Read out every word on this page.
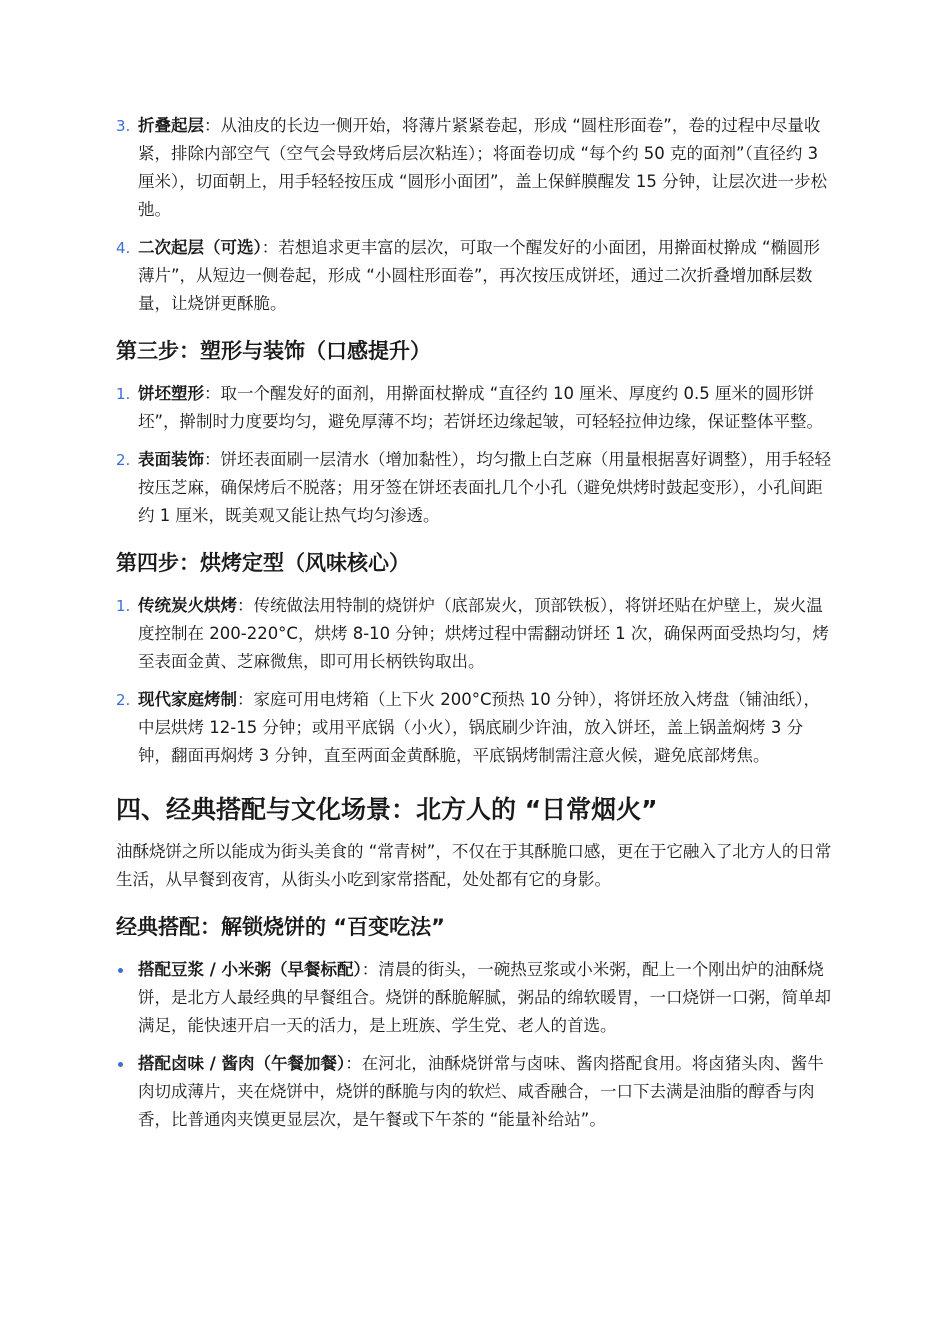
3. 折叠起层：从油皮的长边一侧开始，将薄片紧紧卷起，形成 “圆柱形面卷”，卷的过程中尽量收紧，排除内部空气（空气会导致烤后层次粘连）；将面卷切成 “每个约 50 克的面剂”（直径约 3 厘米），切面朝上，用手轻轻按压成 “圆形小面团”，盖上保鲜膜醒发 15 分钟，让层次进一步松弛。
4. 二次起层（可选）：若想追求更丰富的层次，可取一个醒发好的小面团，用擀面杖擀成 “椭圆形薄片”，从短边一侧卷起，形成 “小圆柱形面卷”，再次按压成饼坯，通过二次折叠增加酥层数量，让烧饼更酥脆。
第三步：塑形与装饰（口感提升）
1. 饼坯塑形：取一个醒发好的面剂，用擀面杖擀成 “直径约 10 厘米、厚度约 0.5 厘米的圆形饼坯”，擀制时力度要均匀，避免厚薄不均；若饼坯边缘起皱，可轻轻拉伸边缘，保证整体平整。
2. 表面装饰：饼坯表面刷一层清水（增加黏性），均匀撒上白芝麻（用量根据喜好调整），用手轻轻按压芝麻，确保烤后不脱落；用牙签在饼坯表面扎几个小孔（避免烘烤时鼓起变形），小孔间距约 1 厘米，既美观又能让热气均匀渗透。
第四步：烘烤定型（风味核心）
1. 传统炭火烘烤：传统做法用特制的烧饼炉（底部炭火，顶部铁板），将饼坯贴在炉壁上，炭火温度控制在 200-220°C，烘烤 8-10 分钟；烘烤过程中需翻动饼坯 1 次，确保两面受热均匀，烤至表面金黄、芝麻微焦，即可用长柄铁钩取出。
2. 现代家庭烤制：家庭可用电烤箱（上下火 200°C预热 10 分钟），将饼坯放入烤盘（铺油纸），中层烘烤 12-15 分钟；或用平底锅（小火），锅底刷少许油，放入饼坯，盖上锅盖焖烤 3 分钟，翻面再焖烤 3 分钟，直至两面金黄酥脆，平底锅烤制需注意火候，避免底部烤焦。
四、经典搭配与文化场景：北方人的 “日常烟火”

油酥烧饼之所以能成为街头美食的 “常青树”，不仅在于其酥脆口感，更在于它融入了北方人的日常生活，从早餐到夜宵，从街头小吃到家常搭配，处处都有它的身影。

经典搭配：解锁烧饼的 “百变吃法”
搭配豆浆 / 小米粥（早餐标配）：清晨的街头，一碗热豆浆或小米粥，配上一个刚出炉的油酥烧饼，是北方人最经典的早餐组合。烧饼的酥脆解腻，粥品的绵软暖胃，一口烧饼一口粥，简单却满足，能快速开启一天的活力，是上班族、学生党、老人的首选。
搭配卤味 / 酱肉（午餐加餐）：在河北，油酥烧饼常与卤味、酱肉搭配食用。将卤猪头肉、酱牛肉切成薄片，夹在烧饼中，烧饼的酥脆与肉的软烂、咸香融合，一口下去满是油脂的醇香与肉香，比普通肉夹馍更显层次，是午餐或下午茶的 “能量补给站”。
